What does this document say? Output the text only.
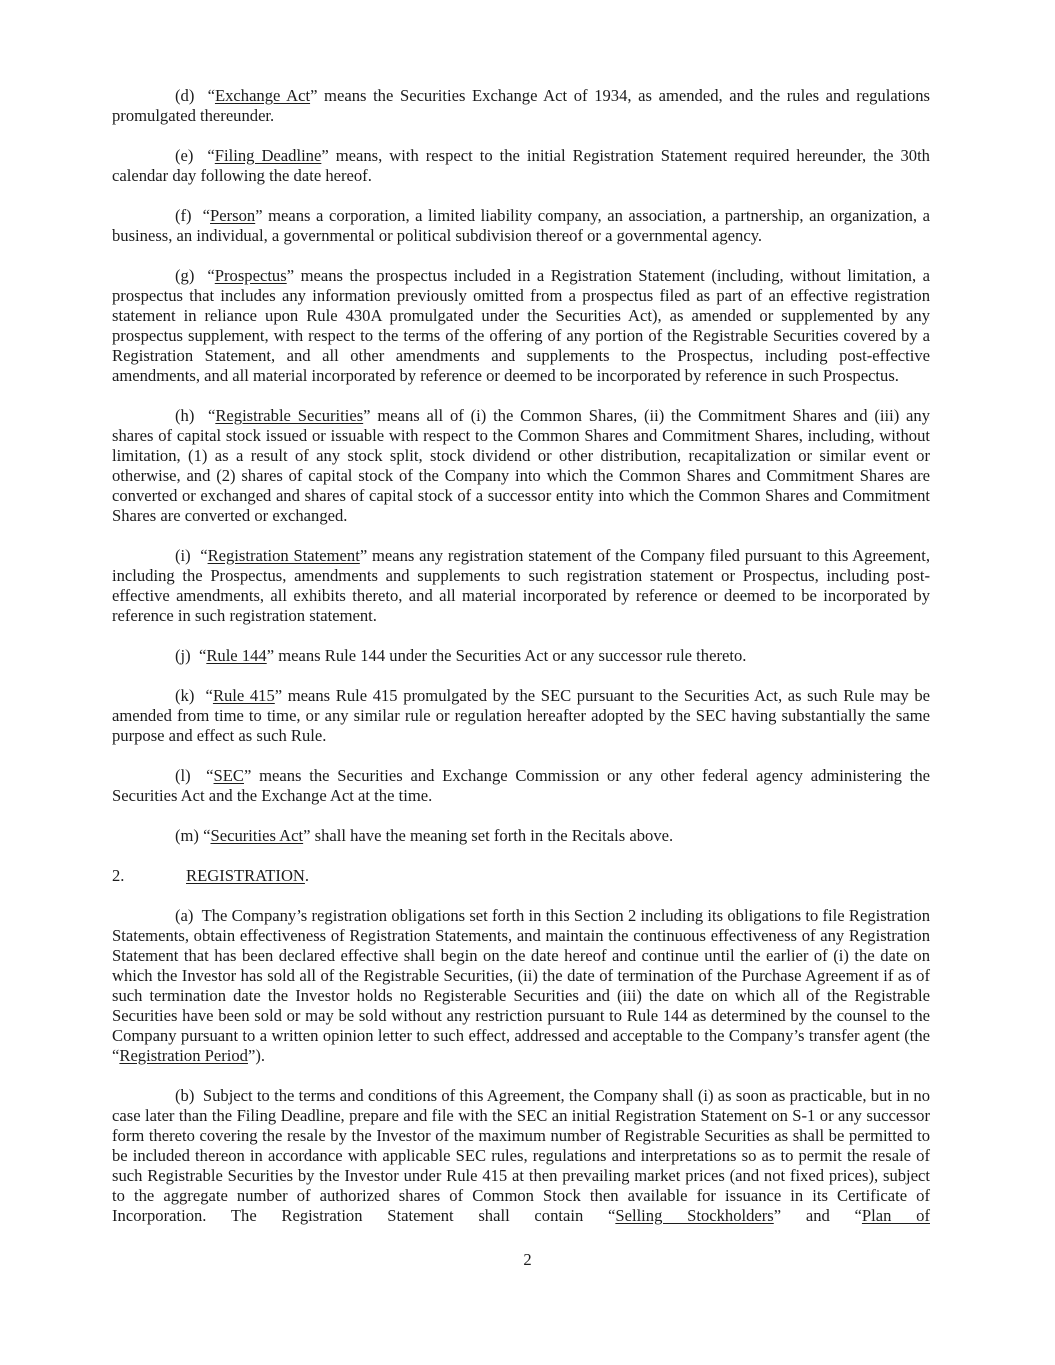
(d)  “Exchange Act” means the Securities Exchange Act of 1934, as amended, and the rules and regulations promulgated thereunder.

(e)  “Filing Deadline” means, with respect to the initial Registration Statement required hereunder, the 30th calendar day following the date hereof.

(f)  “Person” means a corporation, a limited liability company, an association, a partnership, an organization, a business, an individual, a governmental or political subdivision thereof or a governmental agency.

(g)  “Prospectus” means the prospectus included in a Registration Statement (including, without limitation, a prospectus that includes any information previously omitted from a prospectus filed as part of an effective registration statement in reliance upon Rule 430A promulgated under the Securities Act), as amended or supplemented by any prospectus supplement, with respect to the terms of the offering of any portion of the Registrable Securities covered by a Registration Statement, and all other amendments and supplements to the Prospectus, including post-effective amendments, and all material incorporated by reference or deemed to be incorporated by reference in such Prospectus.

(h)  “Registrable Securities” means all of (i) the Common Shares, (ii) the Commitment Shares and (iii) any shares of capital stock issued or issuable with respect to the Common Shares and Commitment Shares, including, without limitation, (1) as a result of any stock split, stock dividend or other distribution, recapitalization or similar event or otherwise, and (2) shares of capital stock of the Company into which the Common Shares and Commitment Shares are converted or exchanged and shares of capital stock of a successor entity into which the Common Shares and Commitment Shares are converted or exchanged.

(i)  “Registration Statement” means any registration statement of the Company filed pursuant to this Agreement, including the Prospectus, amendments and supplements to such registration statement or Prospectus, including post-effective amendments, all exhibits thereto, and all material incorporated by reference or deemed to be incorporated by reference in such registration statement.

(j)  “Rule 144” means Rule 144 under the Securities Act or any successor rule thereto.

(k)  “Rule 415” means Rule 415 promulgated by the SEC pursuant to the Securities Act, as such Rule may be amended from time to time, or any similar rule or regulation hereafter adopted by the SEC having substantially the same purpose and effect as such Rule.

(l)  “SEC” means the Securities and Exchange Commission or any other federal agency administering the Securities Act and the Exchange Act at the time.

(m) “Securities Act” shall have the meaning set forth in the Recitals above.

2.	REGISTRATION.

(a)  The Company’s registration obligations set forth in this Section 2 including its obligations to file Registration Statements, obtain effectiveness of Registration Statements, and maintain the continuous effectiveness of any Registration Statement that has been declared effective shall begin on the date hereof and continue until the earlier of (i) the date on which the Investor has sold all of the Registrable Securities, (ii) the date of termination of the Purchase Agreement if as of such termination date the Investor holds no Registerable Securities and (iii) the date on which all of the Registrable Securities have been sold or may be sold without any restriction pursuant to Rule 144 as determined by the counsel to the Company pursuant to a written opinion letter to such effect, addressed and acceptable to the Company’s transfer agent (the “Registration Period”).

(b)  Subject to the terms and conditions of this Agreement, the Company shall (i) as soon as practicable, but in no case later than the Filing Deadline, prepare and file with the SEC an initial Registration Statement on S-1 or any successor form thereto covering the resale by the Investor of the maximum number of Registrable Securities as shall be permitted to be included thereon in accordance with applicable SEC rules, regulations and interpretations so as to permit the resale of such Registrable Securities by the Investor under Rule 415 at then prevailing market prices (and not fixed prices), subject to the aggregate number of authorized shares of Common Stock then available for issuance in its Certificate of Incorporation. The Registration Statement shall contain “Selling Stockholders” and “Plan of

2
